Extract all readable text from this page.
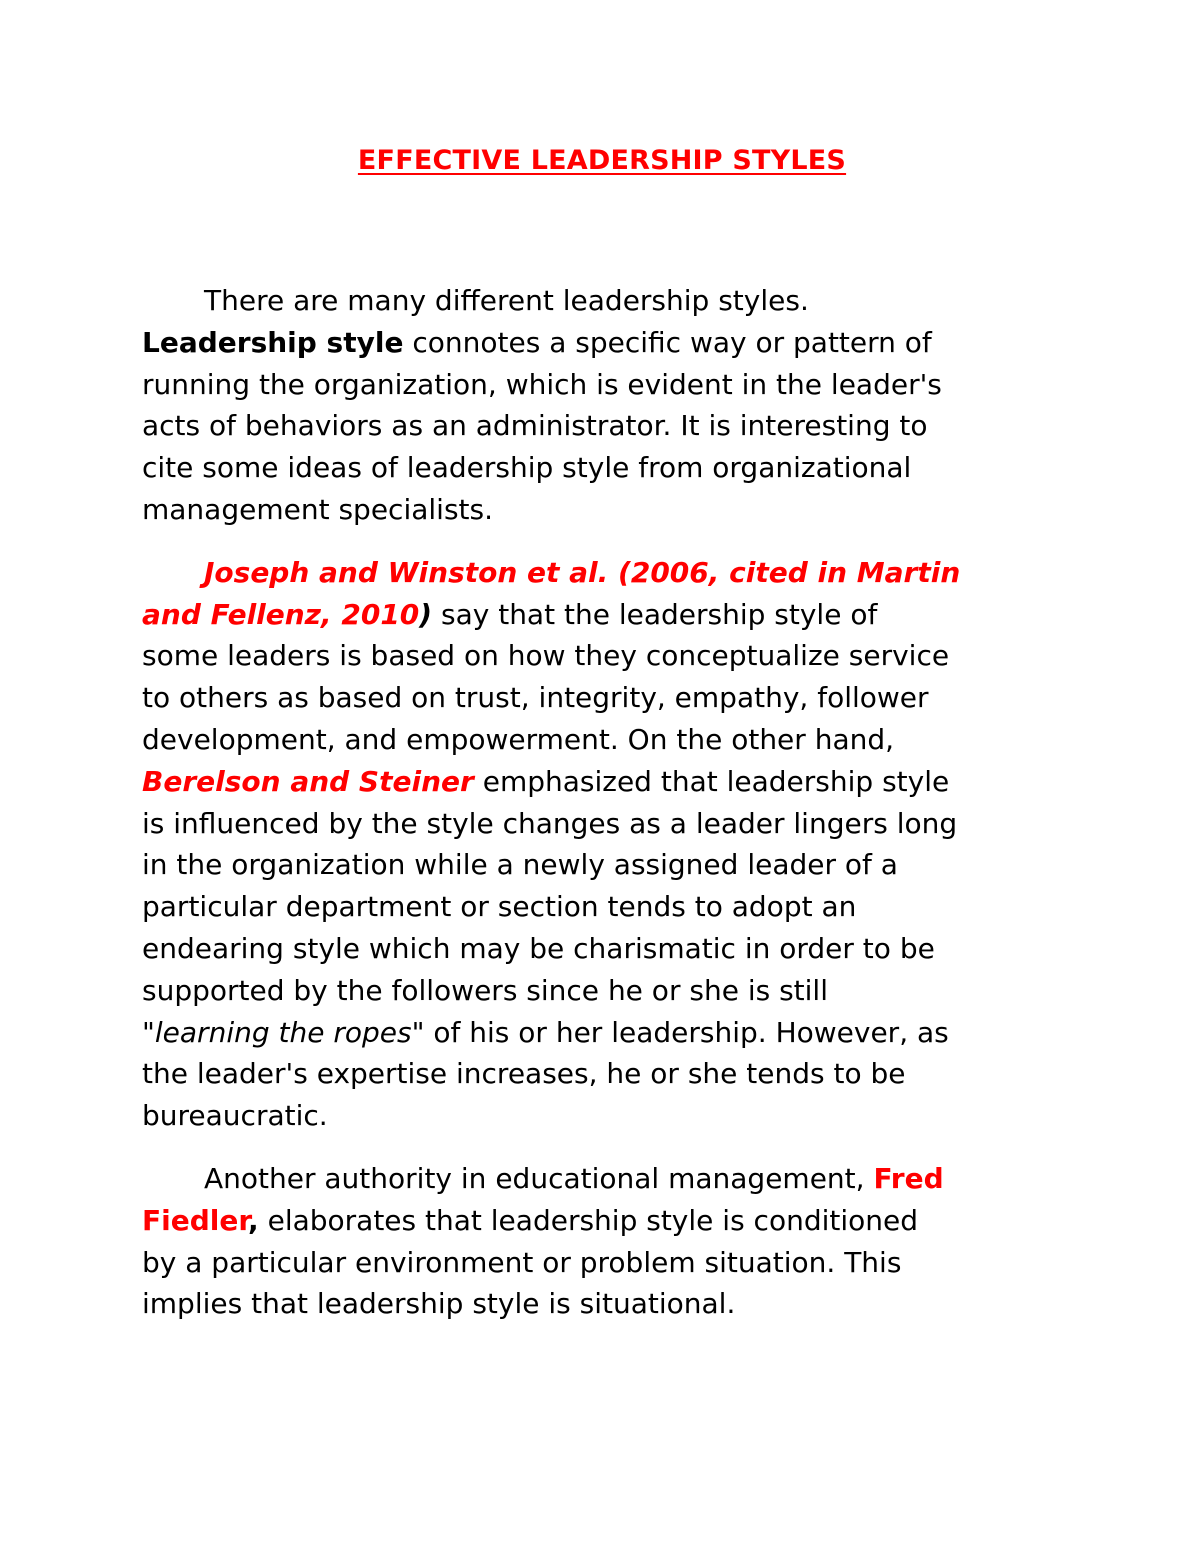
EFFECTIVE LEADERSHIP STYLES
There are many different leadership styles.
Leadership style connotes a specific way or pattern of
running the organization, which is evident in the leader's
acts of behaviors as an administrator. It is interesting to
cite some ideas of leadership style from organizational
management specialists.
Joseph and Winston et al. (2006, cited in Martin
and Fellenz, 2010) say that the leadership style of
some leaders is based on how they conceptualize service
to others as based on trust, integrity, empathy, follower
development, and empowerment. On the other hand,
Berelson and Steiner emphasized that leadership style
is influenced by the style changes as a leader lingers long
in the organization while a newly assigned leader of a
particular department or section tends to adopt an
endearing style which may be charismatic in order to be
supported by the followers since he or she is still
"learning the ropes" of his or her leadership. However, as
the leader's expertise increases, he or she tends to be
bureaucratic.
Another authority in educational management, Fred
Fiedler, elaborates that leadership style is conditioned
by a particular environment or problem situation. This
implies that leadership style is situational.
